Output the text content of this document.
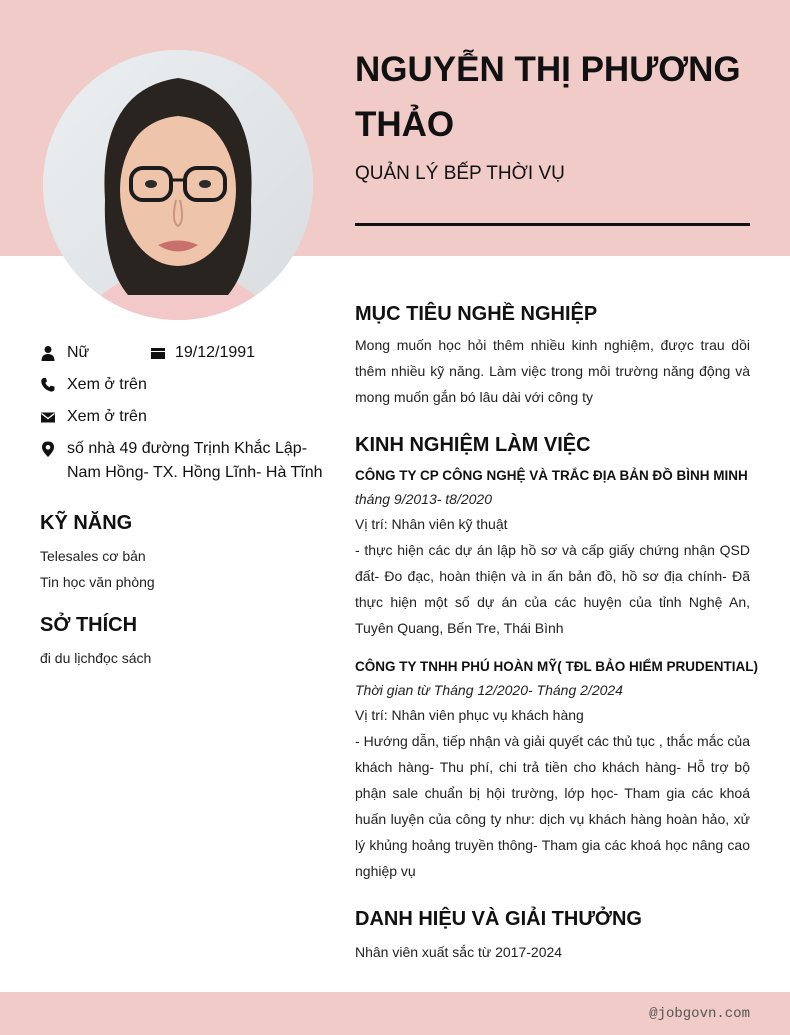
NGUYỄN THỊ PHƯƠNG THẢO
QUẢN LÝ BẾP THỜI VỤ
Nữ	19/12/1991
Xem ở trên
Xem ở trên
số nhà 49 đường Trịnh Khắc Lập- Nam Hồng- TX. Hồng Lĩnh- Hà Tĩnh
KỸ NĂNG
Telesales cơ bản
Tin học văn phòng
SỞ THÍCH
đi du lịchđọc sách
MỤC TIÊU NGHỀ NGHIỆP
Mong muốn học hỏi thêm nhiều kinh nghiệm, được trau dồi thêm nhiều kỹ năng. Làm việc trong môi trường năng động và mong muốn gắn bó lâu dài với công ty
KINH NGHIỆM LÀM VIỆC
CÔNG TY CP CÔNG NGHỆ VÀ TRẮC ĐỊA BẢN ĐỒ BÌNH MINH
tháng 9/2013- t8/2020
Vị trí: Nhân viên kỹ thuật
- thực hiện các dự án lập hồ sơ và cấp giấy chứng nhận QSD đất- Đo đạc, hoàn thiện và in ấn bản đồ, hồ sơ địa chính- Đã thực hiện một số dự án của các huyện của tỉnh Nghệ An, Tuyên Quang, Bến Tre, Thái Bình
CÔNG TY TNHH PHÚ HOÀN MỸ( TĐL BẢO HIỂM PRUDENTIAL)
Thời gian từ Tháng 12/2020- Tháng 2/2024
Vị trí: Nhân viên phục vụ khách hàng
- Hướng dẫn, tiếp nhận và giải quyết các thủ tục , thắc mắc của khách hàng- Thu phí, chi trả tiền cho khách hàng- Hỗ trợ bộ phận sale chuẩn bị hội trường, lớp học- Tham gia các khoá huấn luyện của công ty như: dịch vụ khách hàng hoàn hảo, xử lý khủng hoảng truyền thông- Tham gia các khoá học nâng cao nghiệp vụ
DANH HIỆU VÀ GIẢI THƯỞNG
Nhân viên xuất sắc từ 2017-2024
@jobgovn.com
